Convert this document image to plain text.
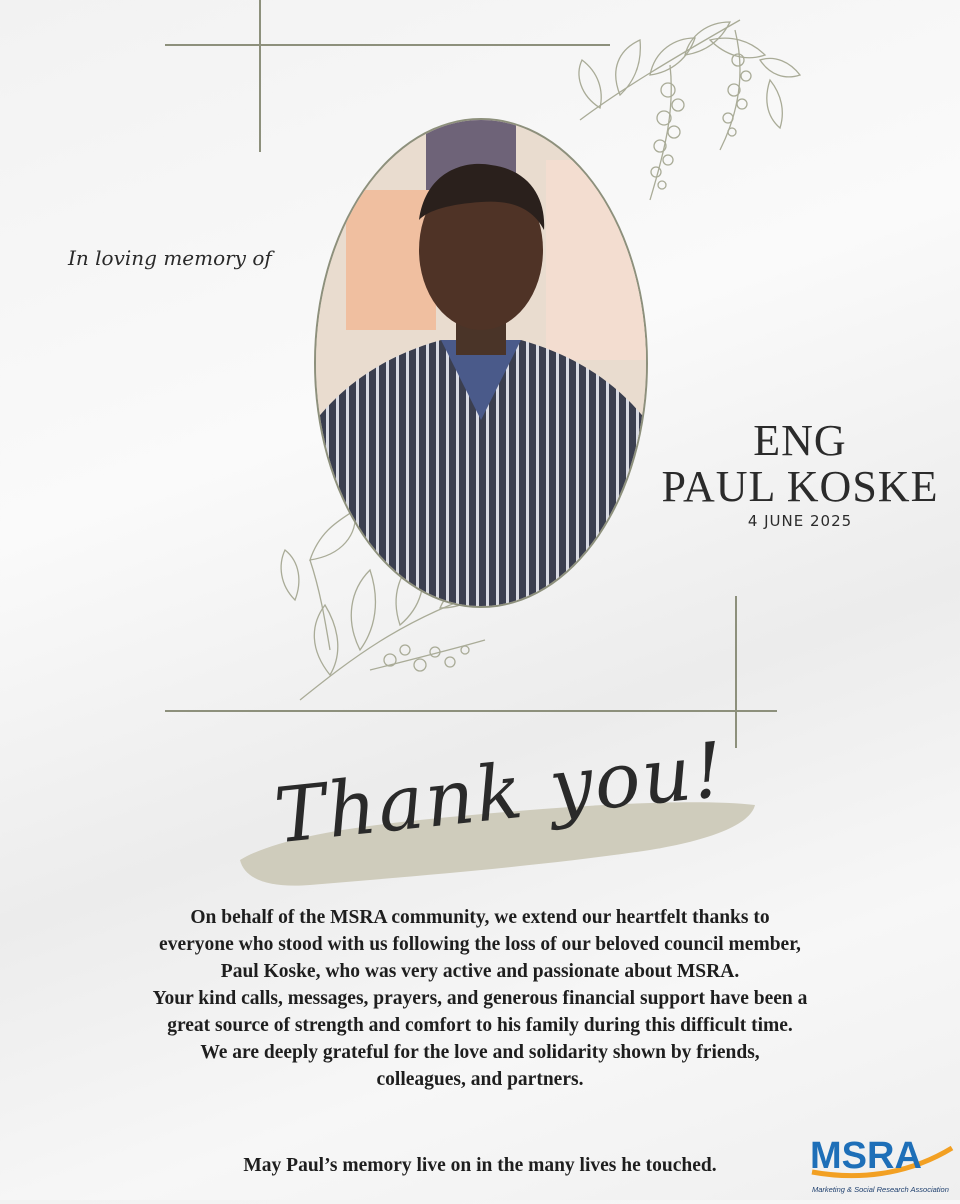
In loving memory of
ENG
PAUL KOSKE
4 JUNE 2025
Thank you!

On behalf of the MSRA community, we extend our heartfelt thanks to

everyone who stood with us following the loss of our beloved council member,

Paul Koske, who was very active and passionate about MSRA.

Your kind calls, messages, prayers, and generous financial support have been a

great source of strength and comfort to his family during this difficult time.

We are deeply grateful for the love and solidarity shown by friends,

colleagues, and partners.

May Paul’s memory live on in the many lives he touched.	MSRA
Marketing & Social Research Association
